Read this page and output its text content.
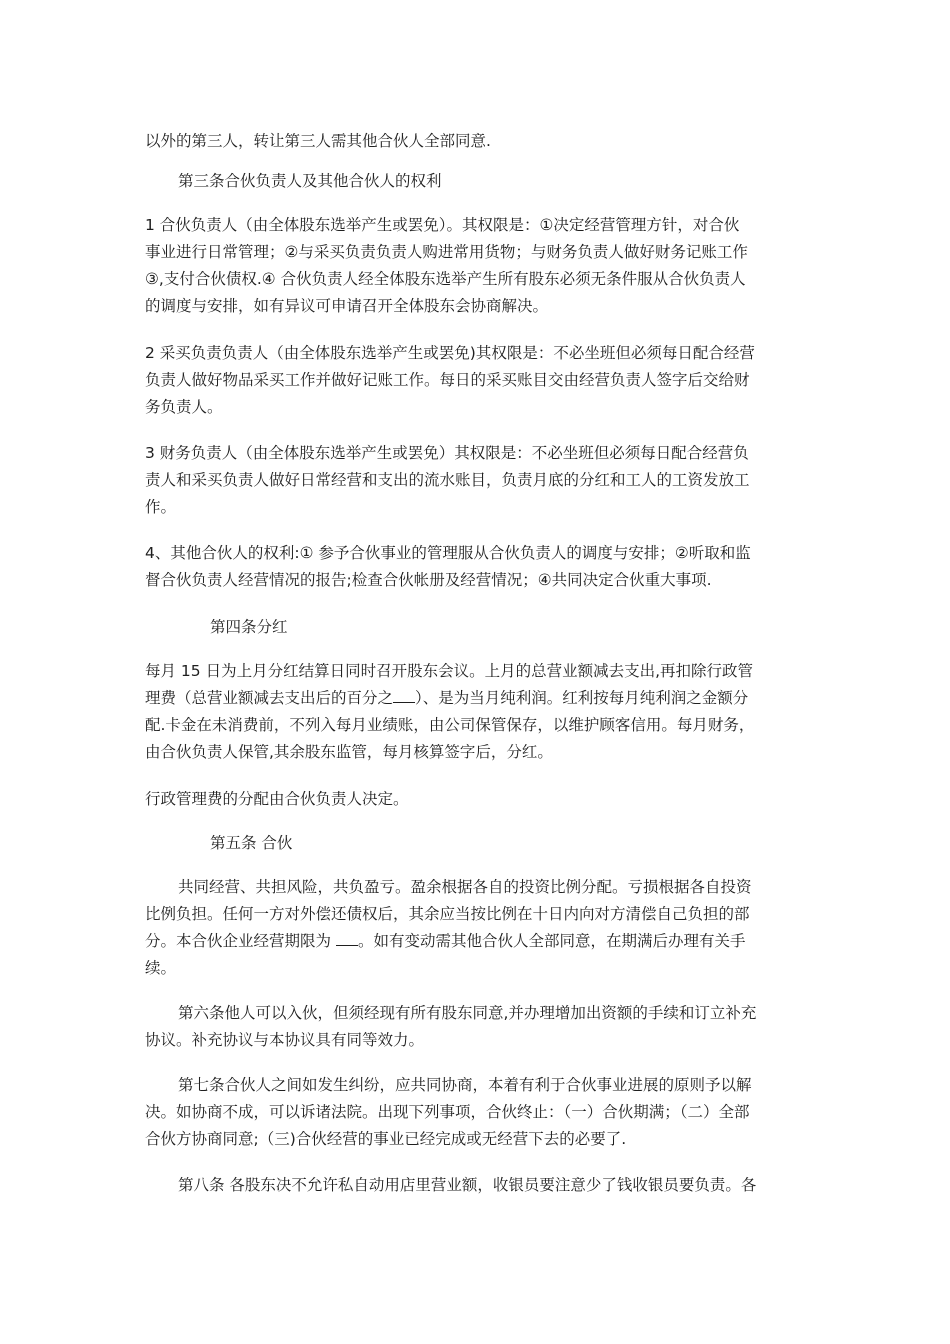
以外的第三人，转让第三人需其他合伙人全部同意.
第三条合伙负责人及其他合伙人的权利
1 合伙负责人（由全体股东选举产生或罢免）。其权限是：①决定经营管理方针，对合伙
事业进行日常管理；②与采买负责负责人购进常用货物；与财务负责人做好财务记账工作
③,支付合伙债权.④ 合伙负责人经全体股东选举产生所有股东必须无条件服从合伙负责人
的调度与安排，如有异议可申请召开全体股东会协商解决。
2 采买负责负责人（由全体股东选举产生或罢免)其权限是：不必坐班但必须每日配合经营
负责人做好物品采买工作并做好记账工作。每日的采买账目交由经营负责人签字后交给财
务负责人。
3 财务负责人（由全体股东选举产生或罢免）其权限是：不必坐班但必须每日配合经营负
责人和采买负责人做好日常经营和支出的流水账目，负责月底的分红和工人的工资发放工
作。
4、其他合伙人的权利:① 参予合伙事业的管理服从合伙负责人的调度与安排；②听取和监
督合伙负责人经营情况的报告;检查合伙帐册及经营情况；④共同决定合伙重大事项.
第四条分红
每月 15 日为上月分红结算日同时召开股东会议。上月的总营业额减去支出,再扣除行政管
理费（总营业额减去支出后的百分之 ）、是为当月纯利润。红利按每月纯利润之金额分
配.卡金在未消费前，不列入每月业绩账，由公司保管保存，以维护顾客信用。每月财务，
由合伙负责人保管,其余股东监管，每月核算签字后，分红。
行政管理费的分配由合伙负责人决定。
第五条 合伙
共同经营、共担风险，共负盈亏。盈余根据各自的投资比例分配。亏损根据各自投资
比例负担。任何一方对外偿还债权后，其余应当按比例在十日内向对方清偿自己负担的部
分。本合伙企业经营期限为 。如有变动需其他合伙人全部同意，在期满后办理有关手
续。
第六条他人可以入伙，但须经现有所有股东同意,并办理增加出资额的手续和订立补充
协议。补充协议与本协议具有同等效力。
第七条合伙人之间如发生纠纷，应共同协商，本着有利于合伙事业进展的原则予以解
决。如协商不成，可以诉诸法院。出现下列事项，合伙终止：（一）合伙期满；（二）全部
合伙方协商同意;（三)合伙经营的事业已经完成或无经营下去的必要了.
第八条 各股东决不允许私自动用店里营业额，收银员要注意少了钱收银员要负责。各
